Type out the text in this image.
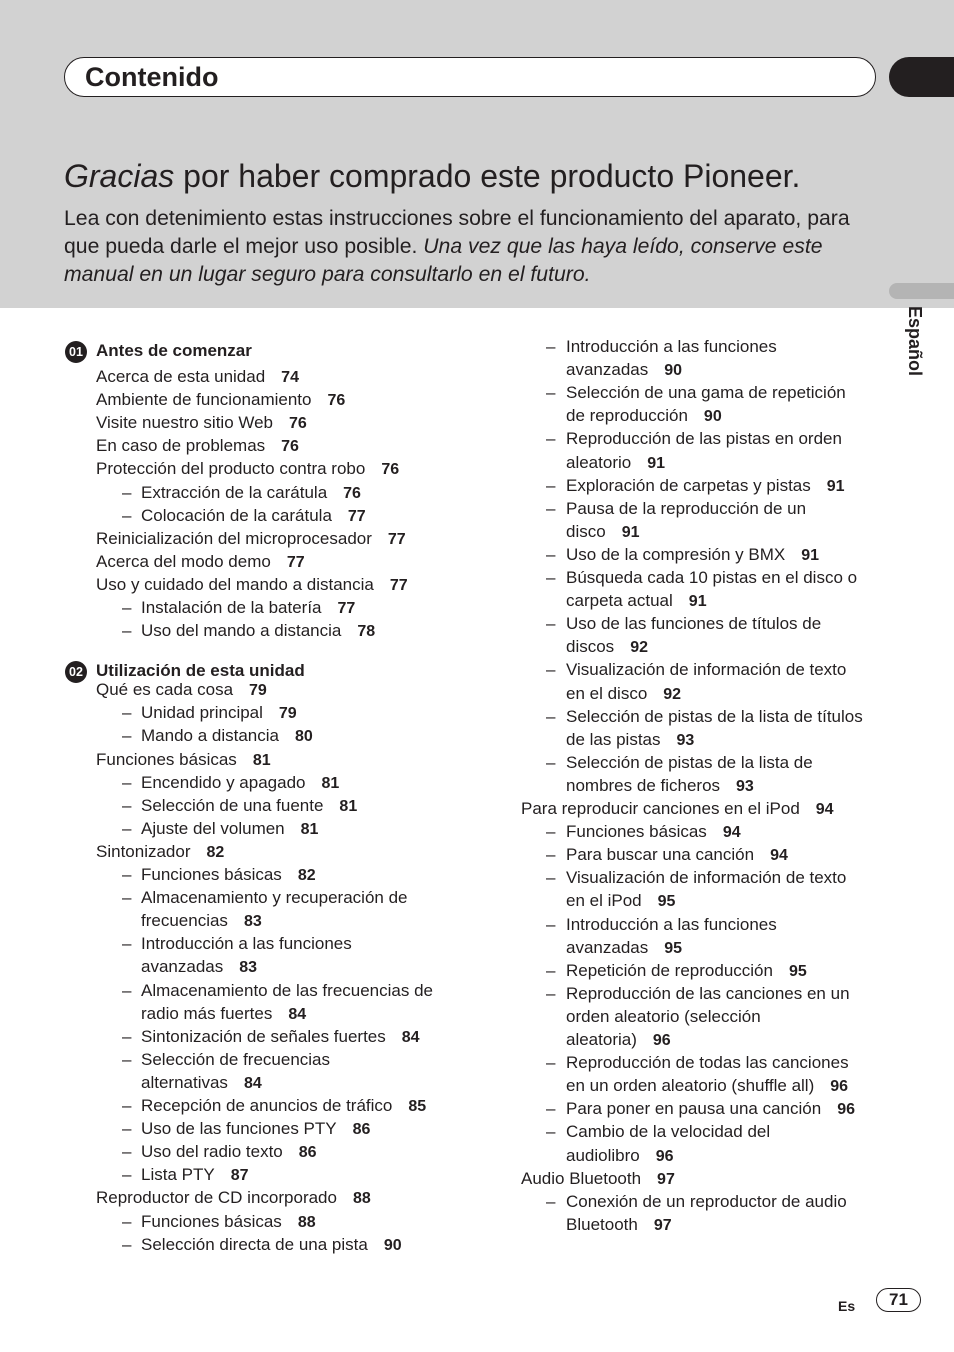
Contenido
Gracias por haber comprado este producto Pioneer.
Lea con detenimiento estas instrucciones sobre el funcionamiento del aparato, para que pueda darle el mejor uso posible. Una vez que las haya leído, conserve este manual en un lugar seguro para consultarlo en el futuro.
Español
01 Antes de comenzar
02 Utilización de esta unidad
Acerca de esta unidad 74
Ambiente de funcionamiento 76
Visite nuestro sitio Web 76
En caso de problemas 76
Protección del producto contra robo 76
– Extracción de la carátula 76
– Colocación de la carátula 77
Reinicialización del microprocesador 77
Acerca del modo demo 77
Uso y cuidado del mando a distancia 77
– Instalación de la batería 77
– Uso del mando a distancia 78
Qué es cada cosa 79
– Unidad principal 79
– Mando a distancia 80
Funciones básicas 81
– Encendido y apagado 81
– Selección de una fuente 81
– Ajuste del volumen 81
Sintonizador 82
– Funciones básicas 82
– Almacenamiento y recuperación de
frecuencias 83
– Introducción a las funciones
avanzadas 83
– Almacenamiento de las frecuencias de
radio más fuertes 84
– Sintonización de señales fuertes 84
– Selección de frecuencias
alternativas 84
– Recepción de anuncios de tráfico 85
– Uso de las funciones PTY 86
– Uso del radio texto 86
– Lista PTY 87
Reproductor de CD incorporado 88
– Funciones básicas 88
– Selección directa de una pista 90
– Introducción a las funciones
avanzadas 90
– Selección de una gama de repetición
de reproducción 90
– Reproducción de las pistas en orden
aleatorio 91
– Exploración de carpetas y pistas 91
– Pausa de la reproducción de un
disco 91
– Uso de la compresión y BMX 91
– Búsqueda cada 10 pistas en el disco o
carpeta actual 91
– Uso de las funciones de títulos de
discos 92
– Visualización de información de texto
en el disco 92
– Selección de pistas de la lista de títulos
de las pistas 93
– Selección de pistas de la lista de
nombres de ficheros 93
Para reproducir canciones en el iPod 94
– Funciones básicas 94
– Para buscar una canción 94
– Visualización de información de texto
en el iPod 95
– Introducción a las funciones
avanzadas 95
– Repetición de reproducción 95
– Reproducción de las canciones en un
orden aleatorio (selección
aleatoria) 96
– Reproducción de todas las canciones
en un orden aleatorio (shuffle all) 96
– Para poner en pausa una canción 96
– Cambio de la velocidad del
audiolibro 96
Audio Bluetooth 97
– Conexión de un reproductor de audio
Bluetooth 97
Es	71
